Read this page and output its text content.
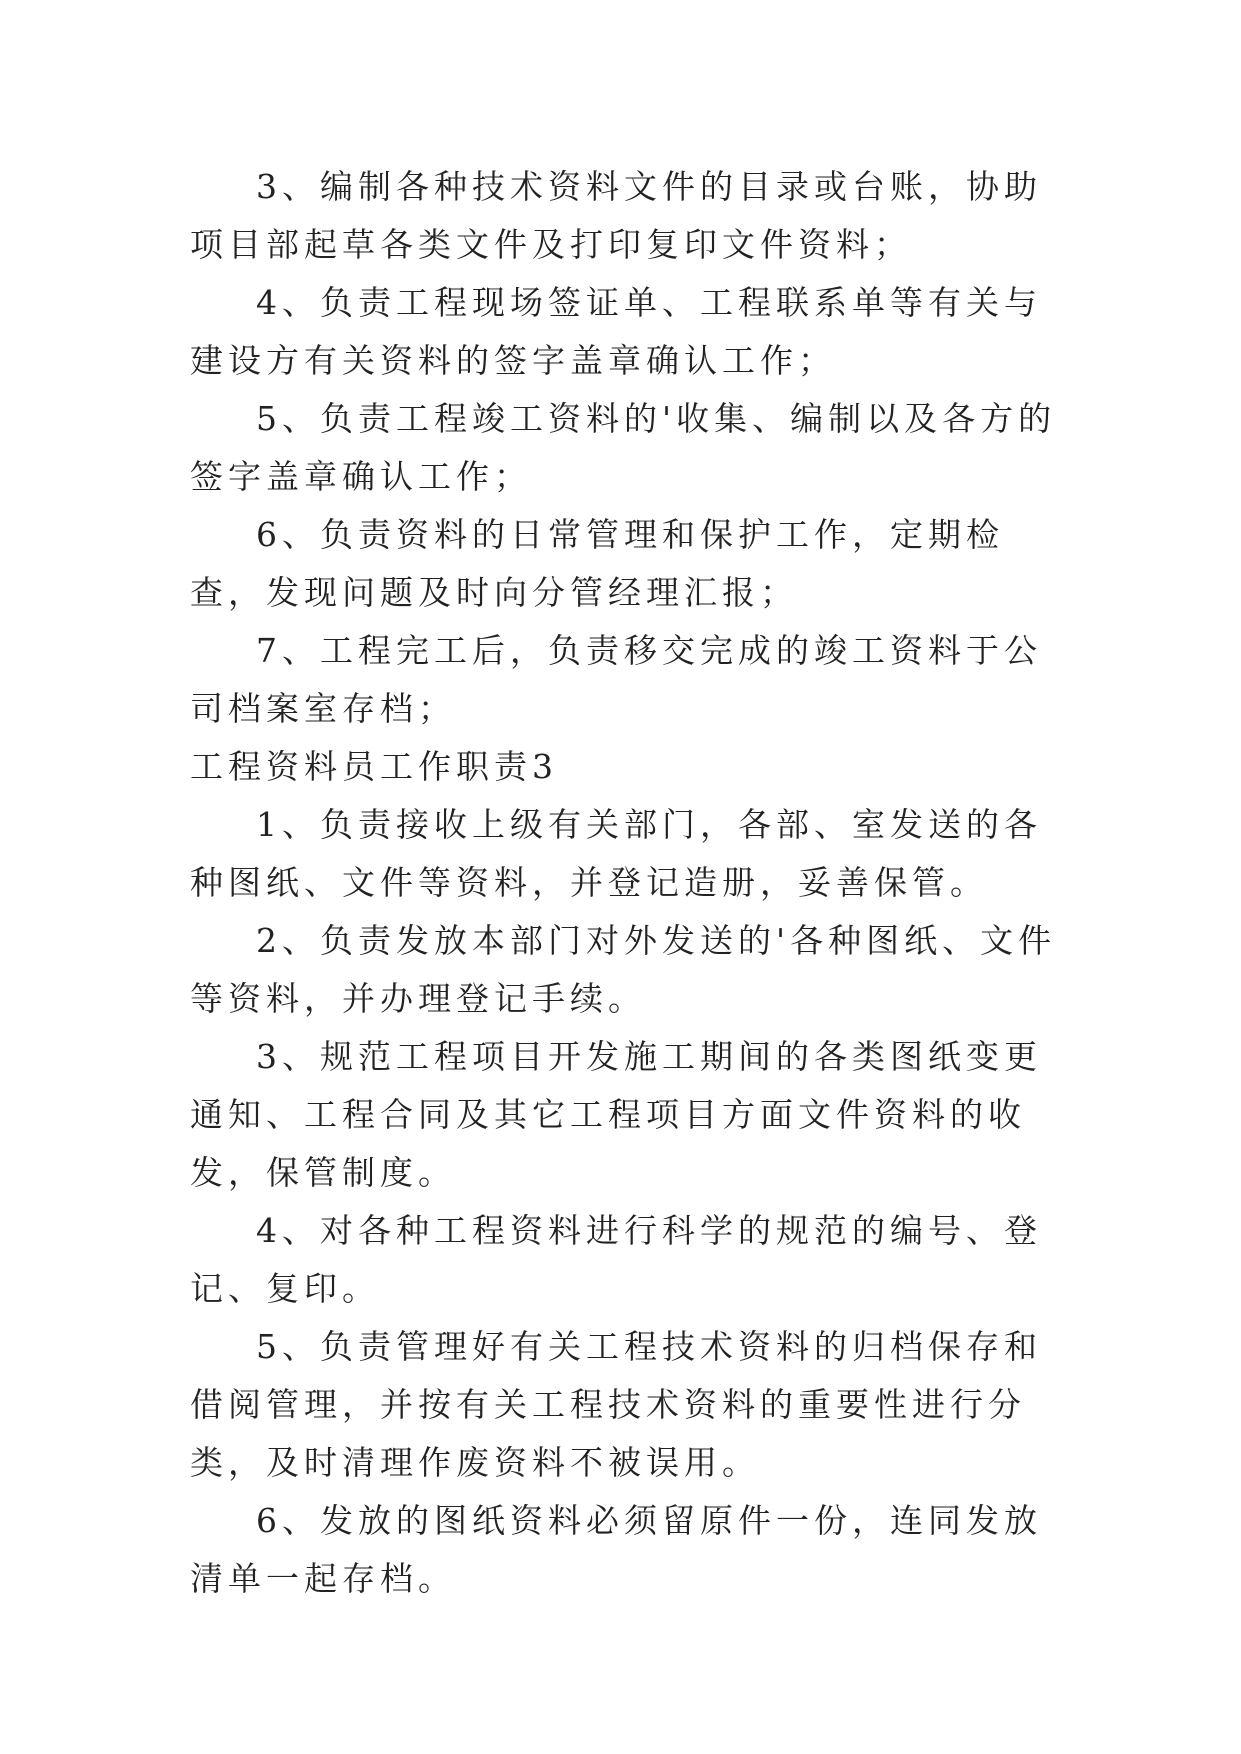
3、编制各种技术资料文件的目录或台账，协助项目部起草各类文件及打印复印文件资料；

4、负责工程现场签证单、工程联系单等有关与建设方有关资料的签字盖章确认工作；

5、负责工程竣工资料的'收集、编制以及各方的签字盖章确认工作；

6、负责资料的日常管理和保护工作，定期检查，发现问题及时向分管经理汇报；

7、工程完工后，负责移交完成的竣工资料于公司档案室存档；

工程资料员工作职责3

1、负责接收上级有关部门，各部、室发送的各种图纸、文件等资料，并登记造册，妥善保管。

2、负责发放本部门对外发送的'各种图纸、文件等资料，并办理登记手续。

3、规范工程项目开发施工期间的各类图纸变更通知、工程合同及其它工程项目方面文件资料的收发，保管制度。

4、对各种工程资料进行科学的规范的编号、登记、复印。

5、负责管理好有关工程技术资料的归档保存和借阅管理，并按有关工程技术资料的重要性进行分类，及时清理作废资料不被误用。

6、发放的图纸资料必须留原件一份，连同发放清单一起存档。
